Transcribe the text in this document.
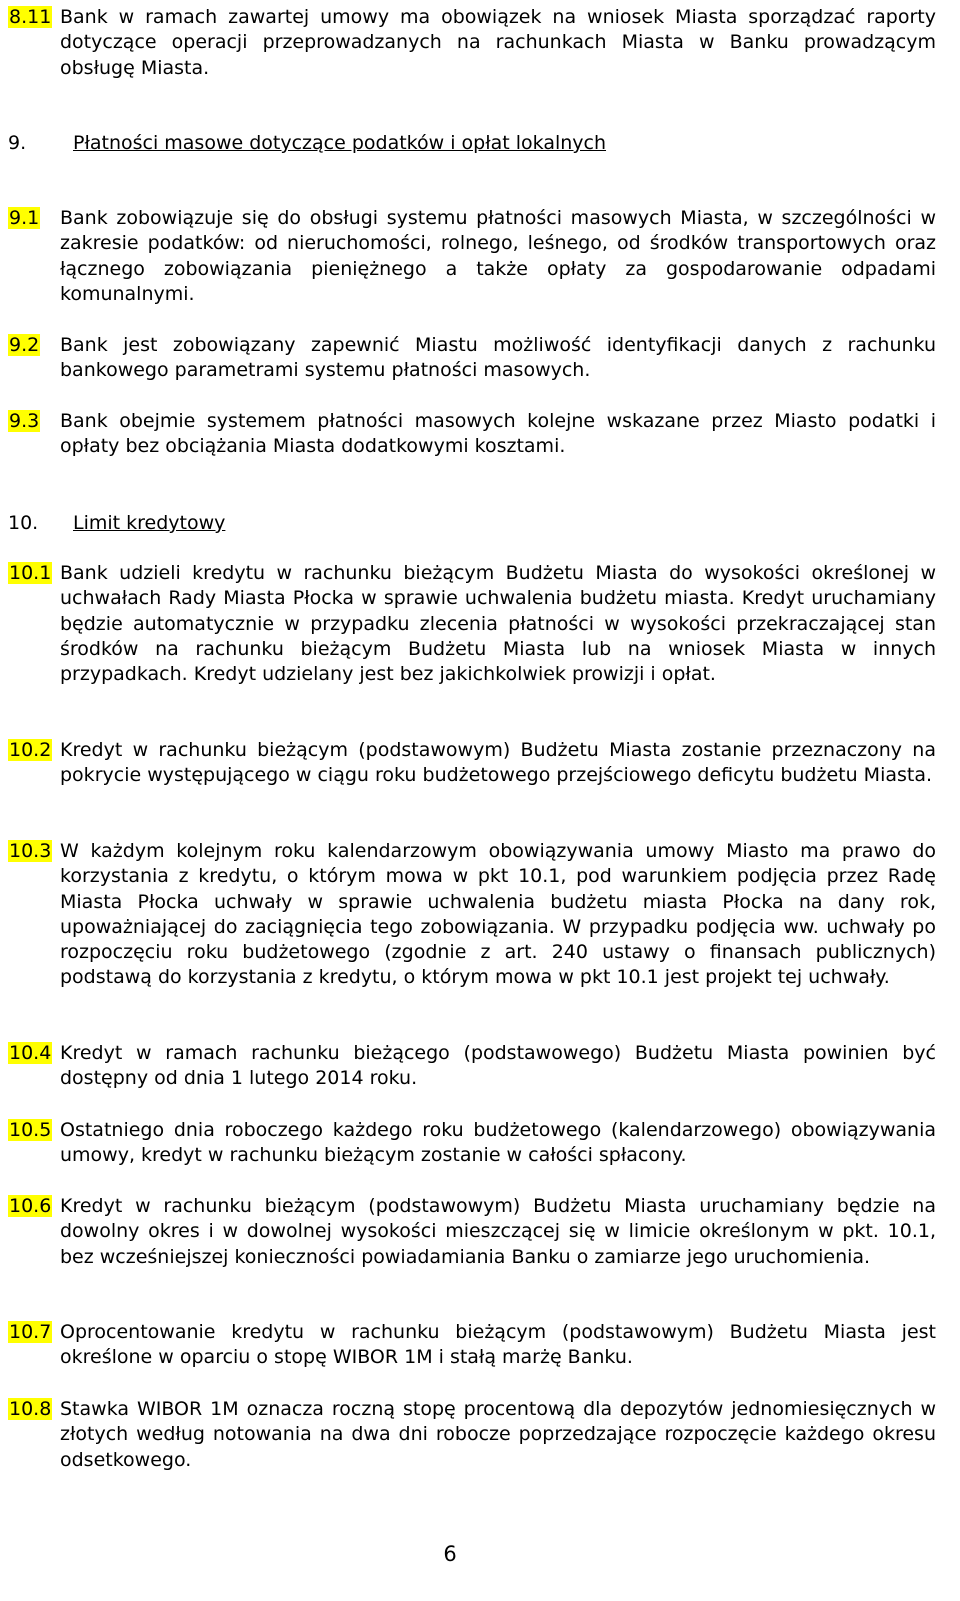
8.11 Bank w ramach zawartej umowy ma obowiązek na wniosek Miasta sporządzać raporty dotyczące operacji przeprowadzanych na rachunkach Miasta w Banku prowadzącym obsługę Miasta.
9. Płatności masowe dotyczące podatków i opłat lokalnych
9.1 Bank zobowiązuje się do obsługi systemu płatności masowych Miasta, w szczególności w zakresie podatków: od nieruchomości, rolnego, leśnego, od środków transportowych oraz łącznego zobowiązania pieniężnego a także opłaty za gospodarowanie odpadami komunalnymi.
9.2 Bank jest zobowiązany zapewnić Miastu możliwość identyfikacji danych z rachunku bankowego parametrami systemu płatności masowych.
9.3 Bank obejmie systemem płatności masowych kolejne wskazane przez Miasto podatki i opłaty bez obciążania Miasta dodatkowymi kosztami.
10. Limit kredytowy
10.1 Bank udzieli kredytu w rachunku bieżącym Budżetu Miasta do wysokości określonej w uchwałach Rady Miasta Płocka w sprawie uchwalenia budżetu miasta. Kredyt uruchamiany będzie automatycznie w przypadku zlecenia płatności w wysokości przekraczającej stan środków na rachunku bieżącym Budżetu Miasta lub na wniosek Miasta w innych przypadkach. Kredyt udzielany jest bez jakichkolwiek prowizji i opłat.
10.2 Kredyt w rachunku bieżącym (podstawowym) Budżetu Miasta zostanie przeznaczony na pokrycie występującego w ciągu roku budżetowego przejściowego deficytu budżetu Miasta.
10.3 W każdym kolejnym roku kalendarzowym obowiązywania umowy Miasto ma prawo do korzystania z kredytu, o którym mowa w pkt 10.1, pod warunkiem podjęcia przez Radę Miasta Płocka uchwały w sprawie uchwalenia budżetu miasta Płocka na dany rok, upoważniającej do zaciągnięcia tego zobowiązania. W przypadku podjęcia ww. uchwały po rozpoczęciu roku budżetowego (zgodnie z art. 240 ustawy o finansach publicznych) podstawą do korzystania z kredytu, o którym mowa w pkt 10.1 jest projekt tej uchwały.
10.4 Kredyt w ramach rachunku bieżącego (podstawowego) Budżetu Miasta powinien być dostępny od dnia 1 lutego 2014 roku.
10.5 Ostatniego dnia roboczego każdego roku budżetowego (kalendarzowego) obowiązywania umowy, kredyt w rachunku bieżącym zostanie w całości spłacony.
10.6 Kredyt w rachunku bieżącym (podstawowym) Budżetu Miasta uruchamiany będzie na dowolny okres i w dowolnej wysokości mieszczącej się w limicie określonym w pkt. 10.1, bez wcześniejszej konieczności powiadamiania Banku o zamiarze jego uruchomienia.
10.7 Oprocentowanie kredytu w rachunku bieżącym (podstawowym) Budżetu Miasta jest określone w oparciu o stopę WIBOR 1M i stałą marżę Banku.
10.8 Stawka WIBOR 1M oznacza roczną stopę procentową dla depozytów jednomiesięcznych w złotych według notowania na dwa dni robocze poprzedzające rozpoczęcie każdego okresu odsetkowego.
6
